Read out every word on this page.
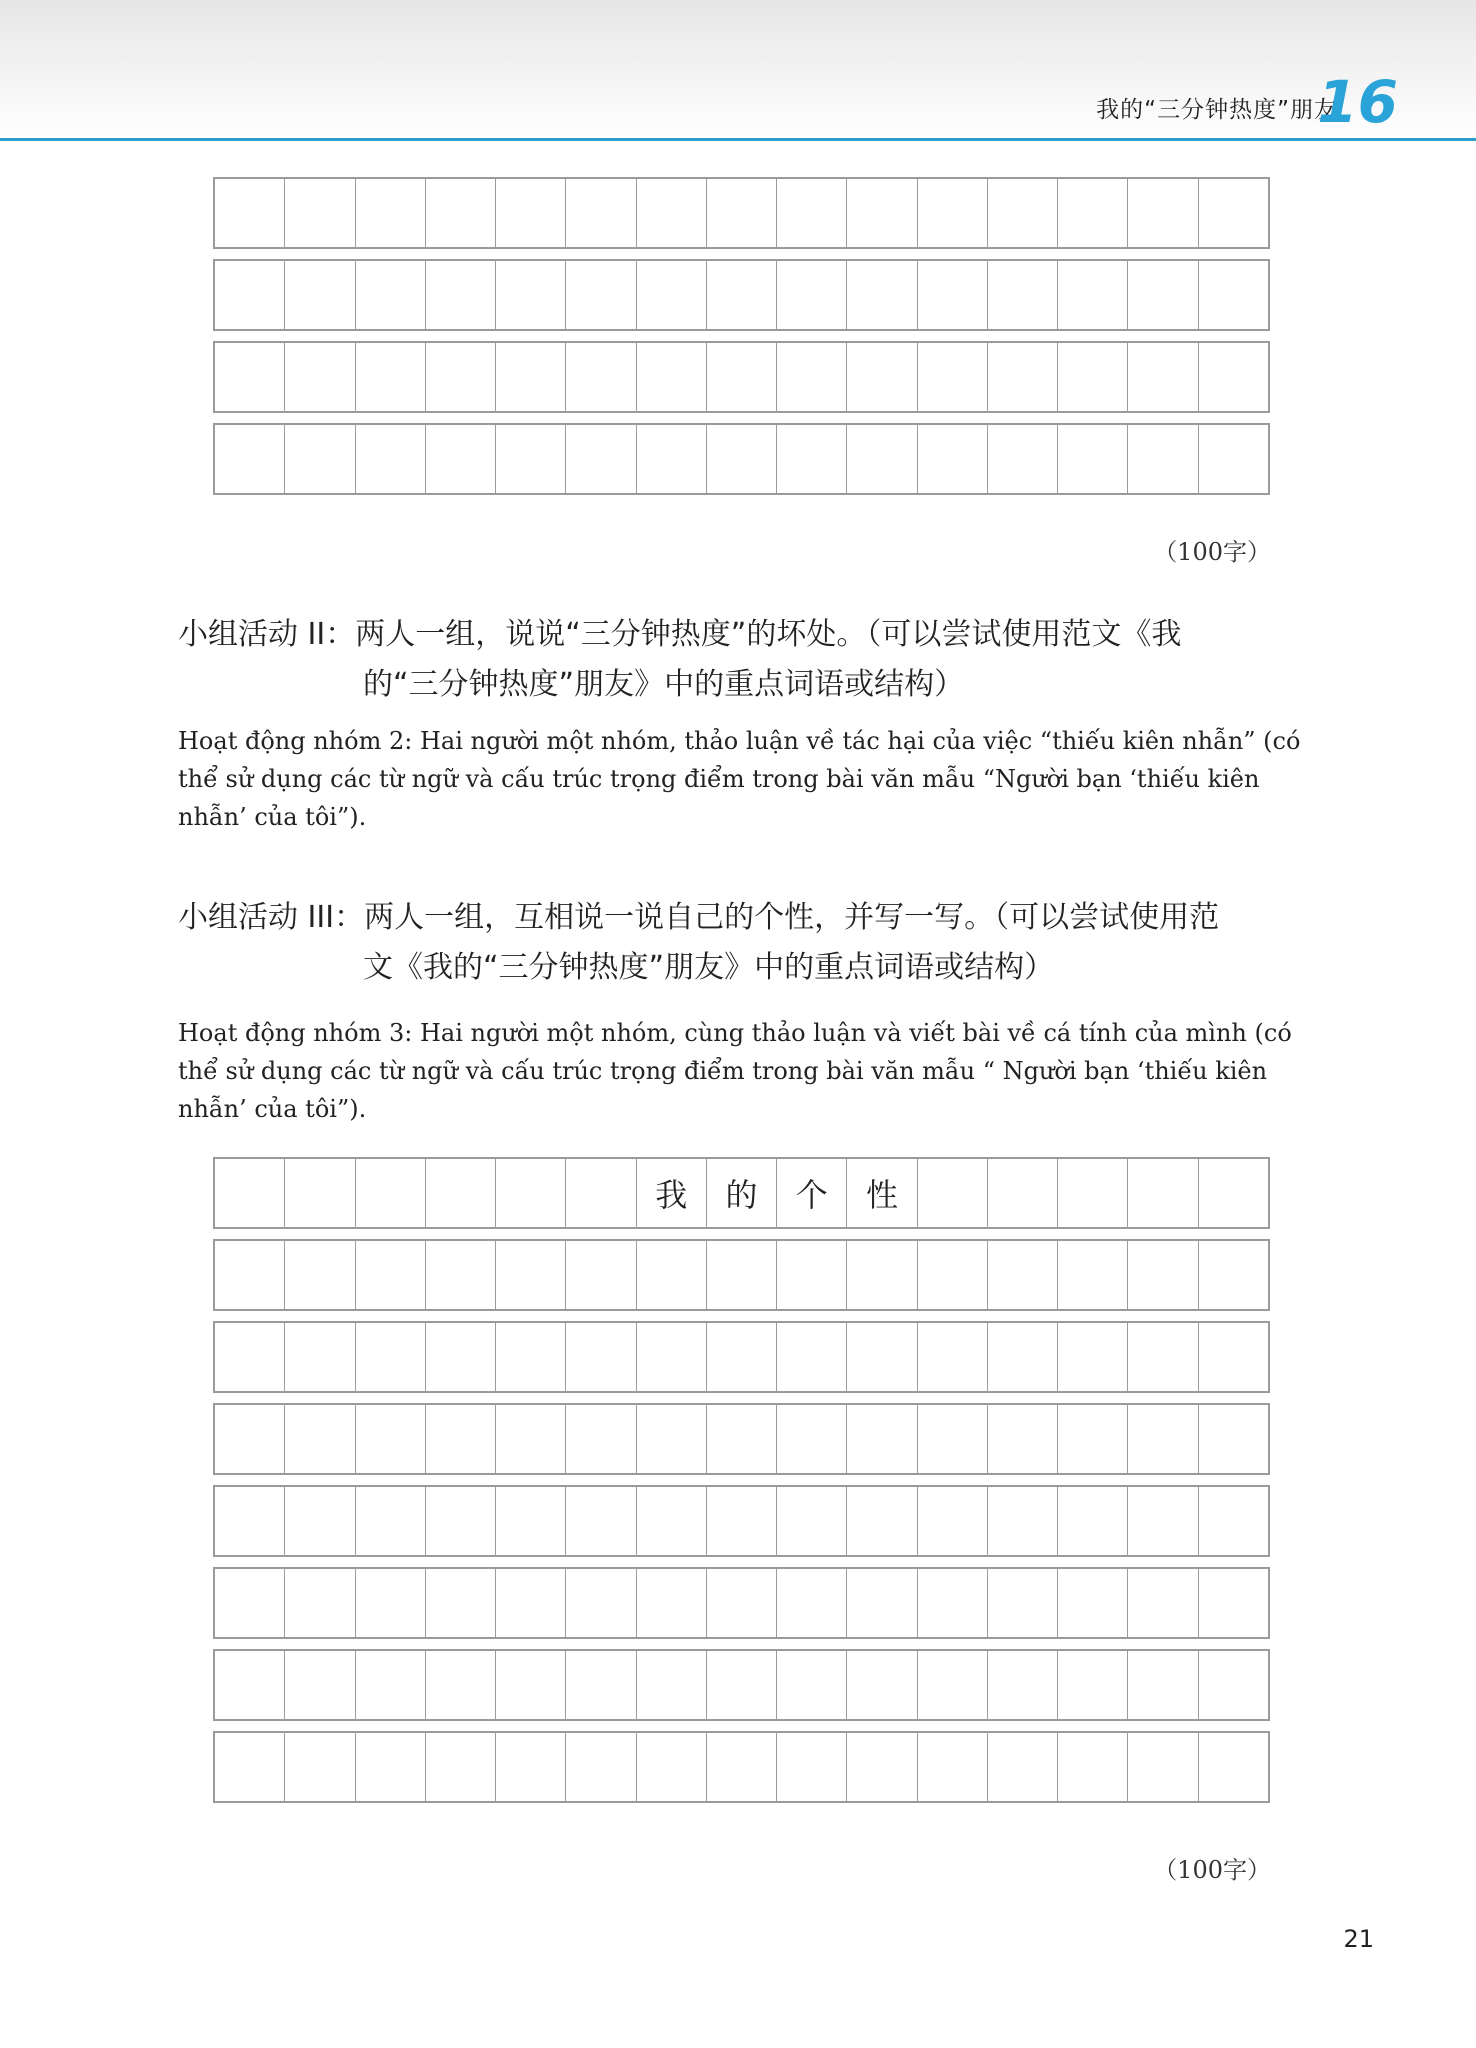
我的“三分钟热度”朋友
16
（100字）
小组活动 II：两人一组，说说“三分钟热度”的坏处。（可以尝试使用范文《我
的“三分钟热度”朋友》中的重点词语或结构）
Hoạt động nhóm 2: Hai người một nhóm, thảo luận về tác hại của việc “thiếu kiên nhẫn” (có thể sử dụng các từ ngữ và cấu trúc trọng điểm trong bài văn mẫu “Người bạn ‘thiếu kiên nhẫn’ của tôi”).
小组活动 III：两人一组，互相说一说自己的个性，并写一写。（可以尝试使用范
文《我的“三分钟热度”朋友》中的重点词语或结构）
Hoạt động nhóm 3: Hai người một nhóm, cùng thảo luận và viết bài về cá tính của mình (có thể sử dụng các từ ngữ và cấu trúc trọng điểm trong bài văn mẫu “ Người bạn ‘thiếu kiên nhẫn’ của tôi”).
我	的	个	性
（100字）
21
